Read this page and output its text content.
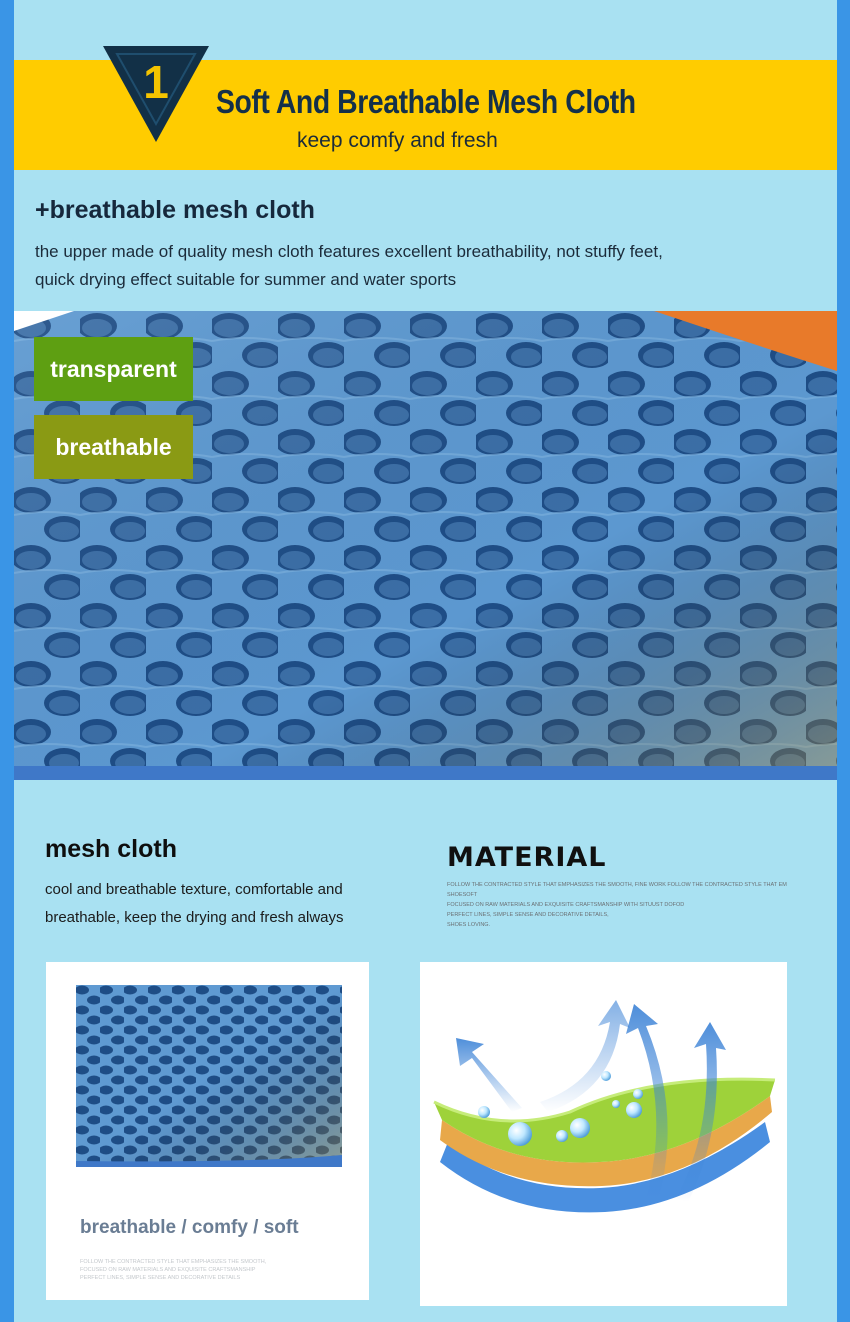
1 Soft And Breathable Mesh Cloth
keep comfy and fresh
+breathable mesh cloth
the upper made of quality mesh cloth features excellent breathability, not stuffy feet,
quick drying effect suitable for summer and water sports
transparent
breathable
mesh cloth
cool and breathable texture, comfortable and
breathable, keep the drying and fresh always
MATERIAL
FOLLOW THE CONTRACTED STYLE THAT EMPHASIZES THE SMOOTH, FINE WORK FOLLOW THE CONTRACTED STYLE THAT EM SHOESOFT
FOCUSED ON RAW MATERIALS AND EXQUISITE CRAFTSMANSHIP WITH SITUUST DOFOD
PERFECT LINES, SIMPLE SENSE AND DECORATIVE DETAILS,
SHOES LOVING.
breathable / comfy / soft
FOLLOW THE CONTRACTED STYLE THAT EMPHASIZES THE SMOOTH,
FOCUSED ON RAW MATERIALS AND EXQUISITE CRAFTSMANSHIP
PERFECT LINES, SIMPLE SENSE AND DECORATIVE DETAILS
